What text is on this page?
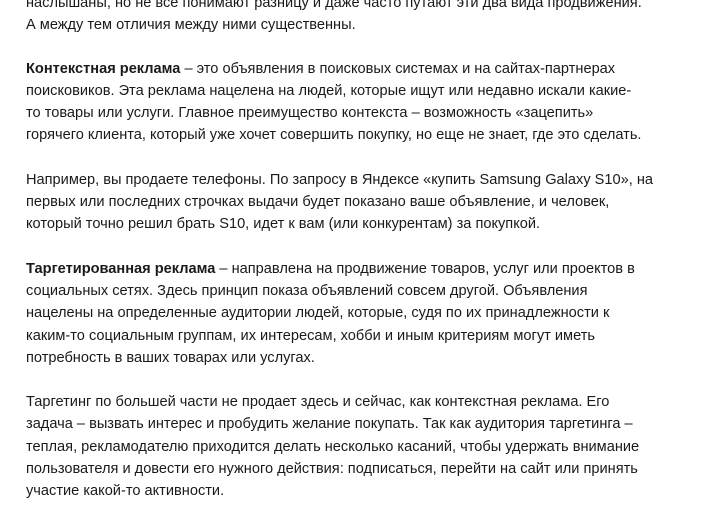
наслышаны, но не все понимают разницу и даже часто путают эти два вида продвижения.
А между тем отличия между ними существенны.

Контекстная реклама – это объявления в поисковых системах и на сайтах-партнерах
поисковиков. Эта реклама нацелена на людей, которые ищут или недавно искали какие-
то товары или услуги. Главное преимущество контекста – возможность «зацепить»
горячего клиента, который уже хочет совершить покупку, но еще не знает, где это сделать.

Например, вы продаете телефоны. По запросу в Яндексе «купить Samsung Galaxy S10», на
первых или последних строчках выдачи будет показано ваше объявление, и человек,
который точно решил брать S10, идет к вам (или конкурентам) за покупкой.

Таргетированная реклама – направлена на продвижение товаров, услуг или проектов в
социальных сетях. Здесь принцип показа объявлений совсем другой. Объявления
нацелены на определенные аудитории людей, которые, судя по их принадлежности к
каким-то социальным группам, их интересам, хобби и иным критериям могут иметь
потребность в ваших товарах или услугах.

Таргетинг по большей части не продает здесь и сейчас, как контекстная реклама. Его
задача – вызвать интерес и пробудить желание покупать. Так как аудитория таргетинга –
теплая, рекламодателю приходится делать несколько касаний, чтобы удержать внимание
пользователя и довести его нужного действия: подписаться, перейти на сайт или принять
участие какой-то активности.
